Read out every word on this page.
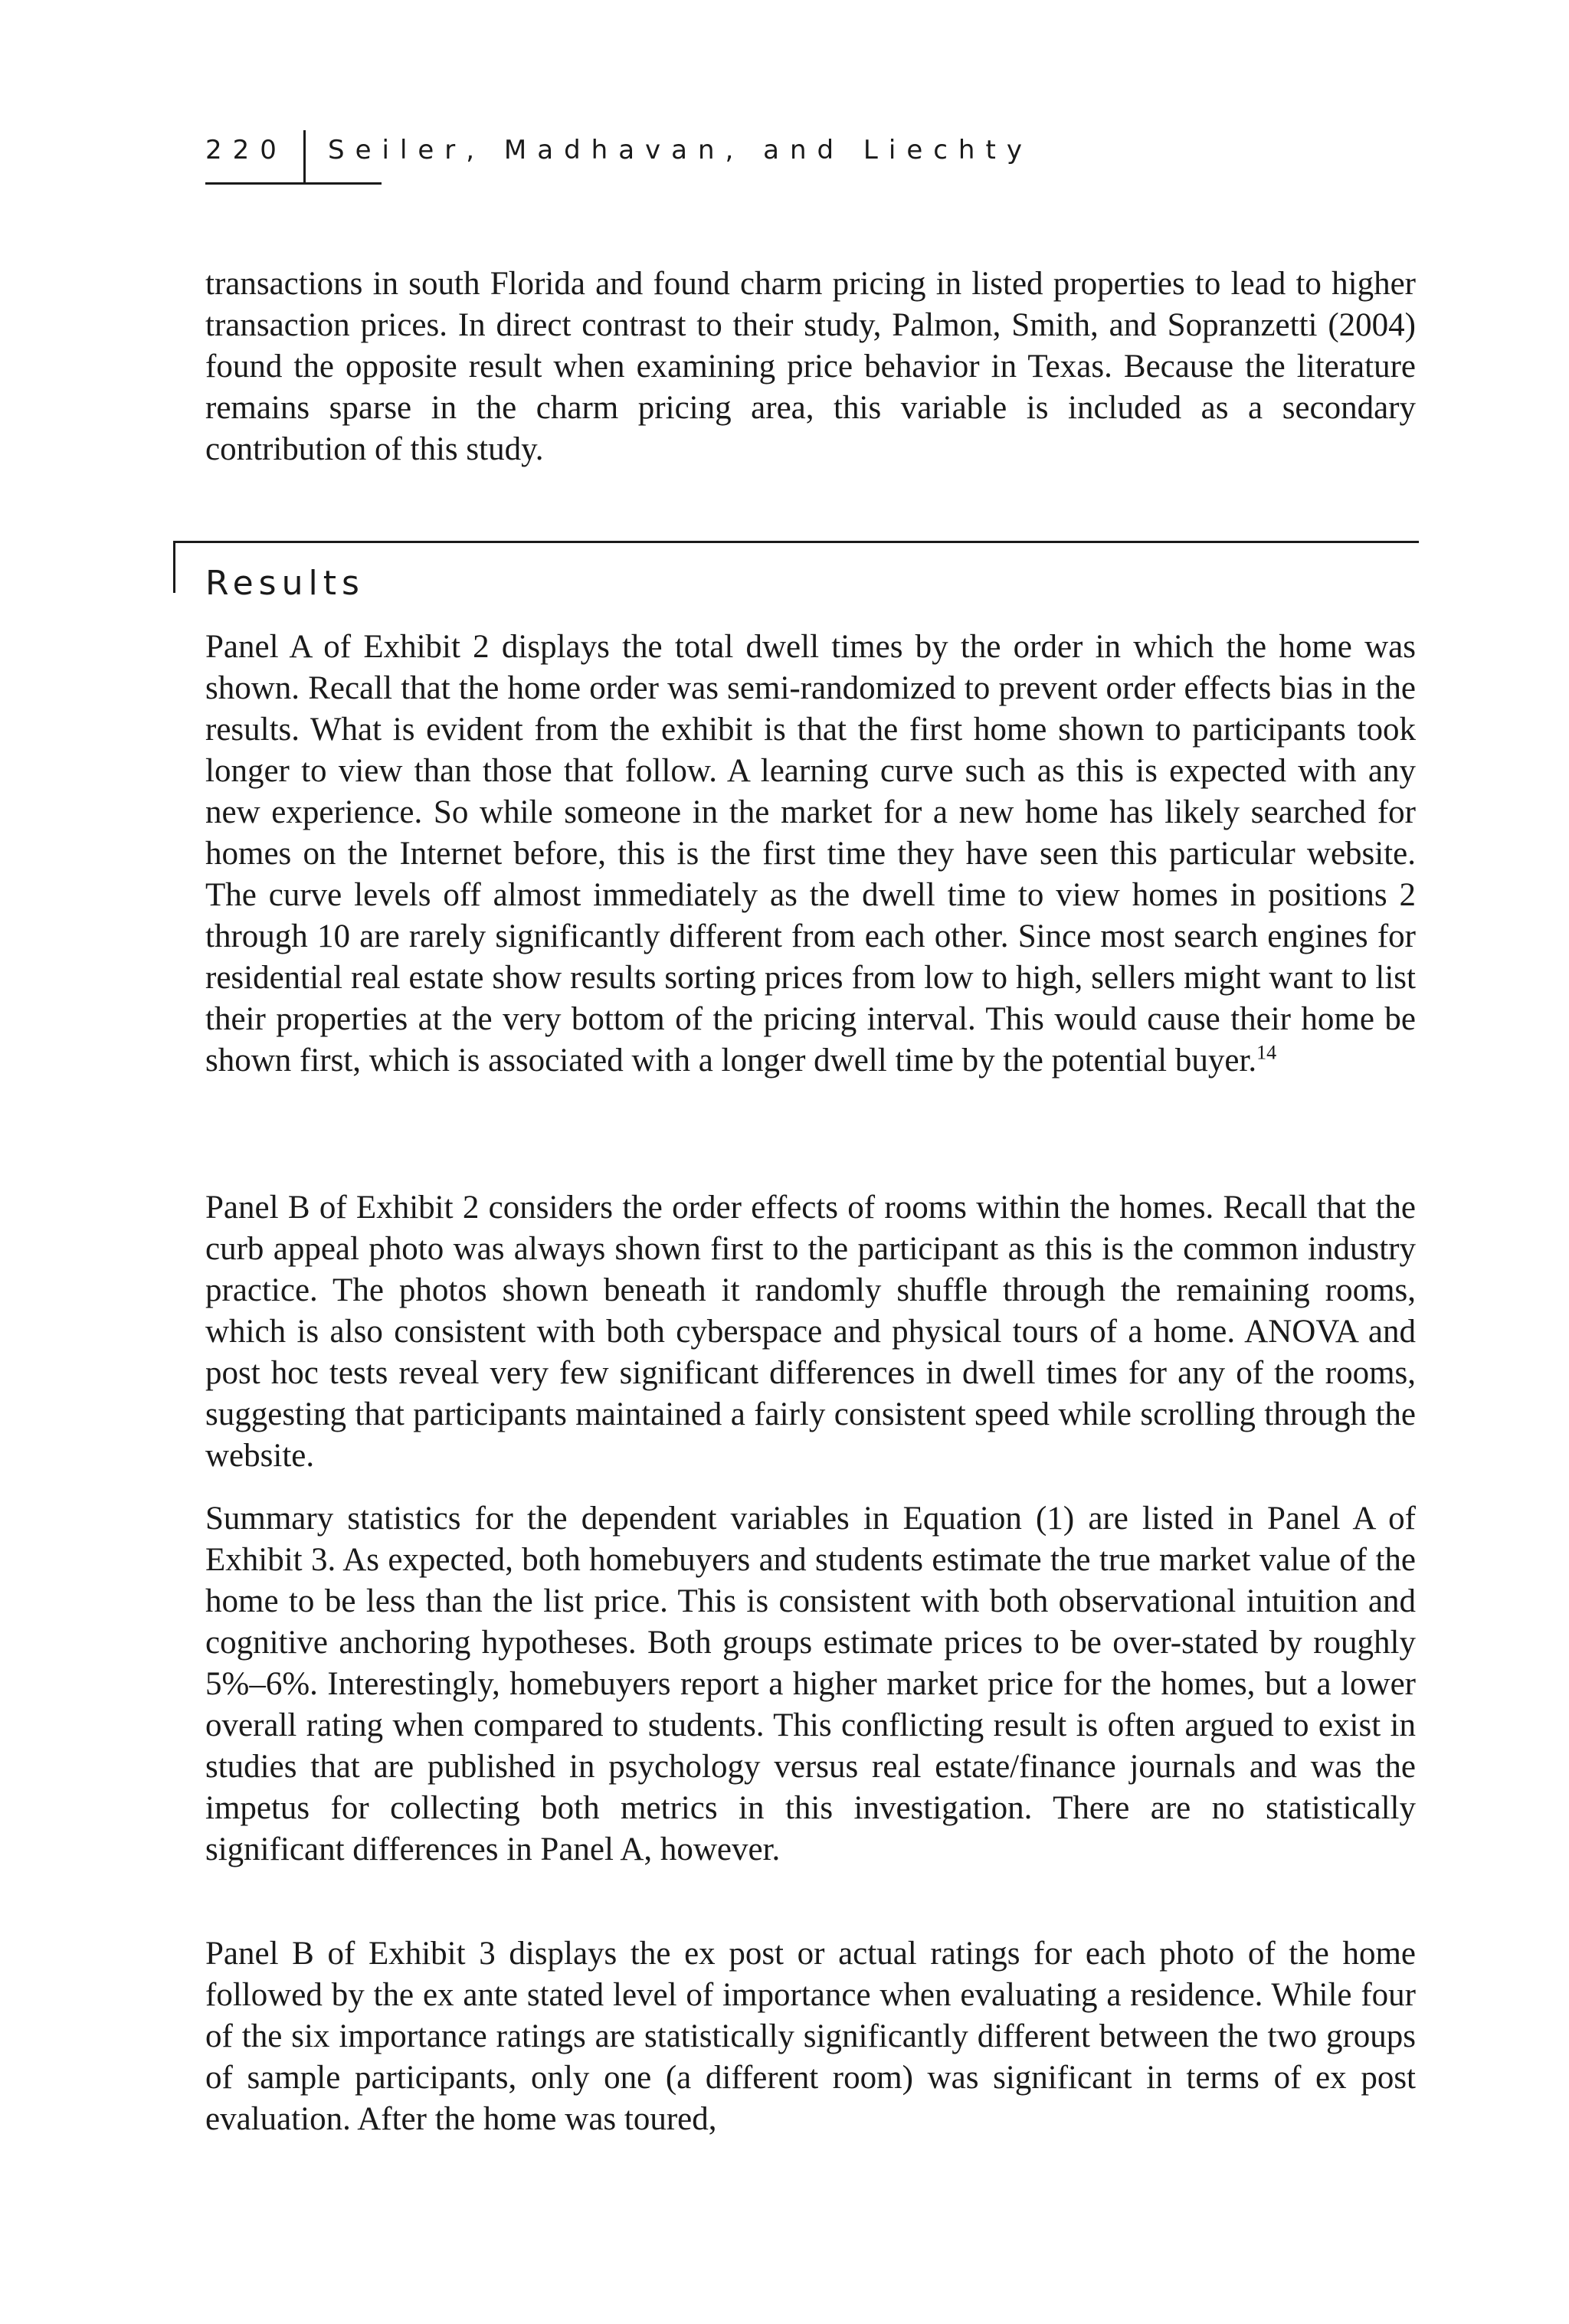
220 Seiler, Madhavan, and Liechty

transactions in south Florida and found charm pricing in listed properties to lead to higher transaction prices. In direct contrast to their study, Palmon, Smith, and Sopranzetti (2004) found the opposite result when examining price behavior in Texas. Because the literature remains sparse in the charm pricing area, this variable is included as a secondary contribution of this study.

Results

Panel A of Exhibit 2 displays the total dwell times by the order in which the home was shown. Recall that the home order was semi-randomized to prevent order effects bias in the results. What is evident from the exhibit is that the first home shown to participants took longer to view than those that follow. A learning curve such as this is expected with any new experience. So while someone in the market for a new home has likely searched for homes on the Internet before, this is the first time they have seen this particular website. The curve levels off almost immediately as the dwell time to view homes in positions 2 through 10 are rarely significantly different from each other. Since most search engines for residential real estate show results sorting prices from low to high, sellers might want to list their properties at the very bottom of the pricing interval. This would cause their home be shown first, which is associated with a longer dwell time by the potential buyer.$^{14}$

Panel B of Exhibit 2 considers the order effects of rooms within the homes. Recall that the curb appeal photo was always shown first to the participant as this is the common industry practice. The photos shown beneath it randomly shuffle through the remaining rooms, which is also consistent with both cyberspace and physical tours of a home. ANOVA and post hoc tests reveal very few significant differences in dwell times for any of the rooms, suggesting that participants maintained a fairly consistent speed while scrolling through the website.

Summary statistics for the dependent variables in Equation (1) are listed in Panel A of Exhibit 3. As expected, both homebuyers and students estimate the true market value of the home to be less than the list price. This is consistent with both observational intuition and cognitive anchoring hypotheses. Both groups estimate prices to be over-stated by roughly 5%–6%. Interestingly, homebuyers report a higher market price for the homes, but a lower overall rating when compared to students. This conflicting result is often argued to exist in studies that are published in psychology versus real estate/finance journals and was the impetus for collecting both metrics in this investigation. There are no statistically significant differences in Panel A, however.

Panel B of Exhibit 3 displays the ex post or actual ratings for each photo of the home followed by the ex ante stated level of importance when evaluating a residence. While four of the six importance ratings are statistically significantly different between the two groups of sample participants, only one (a different room) was significant in terms of ex post evaluation. After the home was toured,
